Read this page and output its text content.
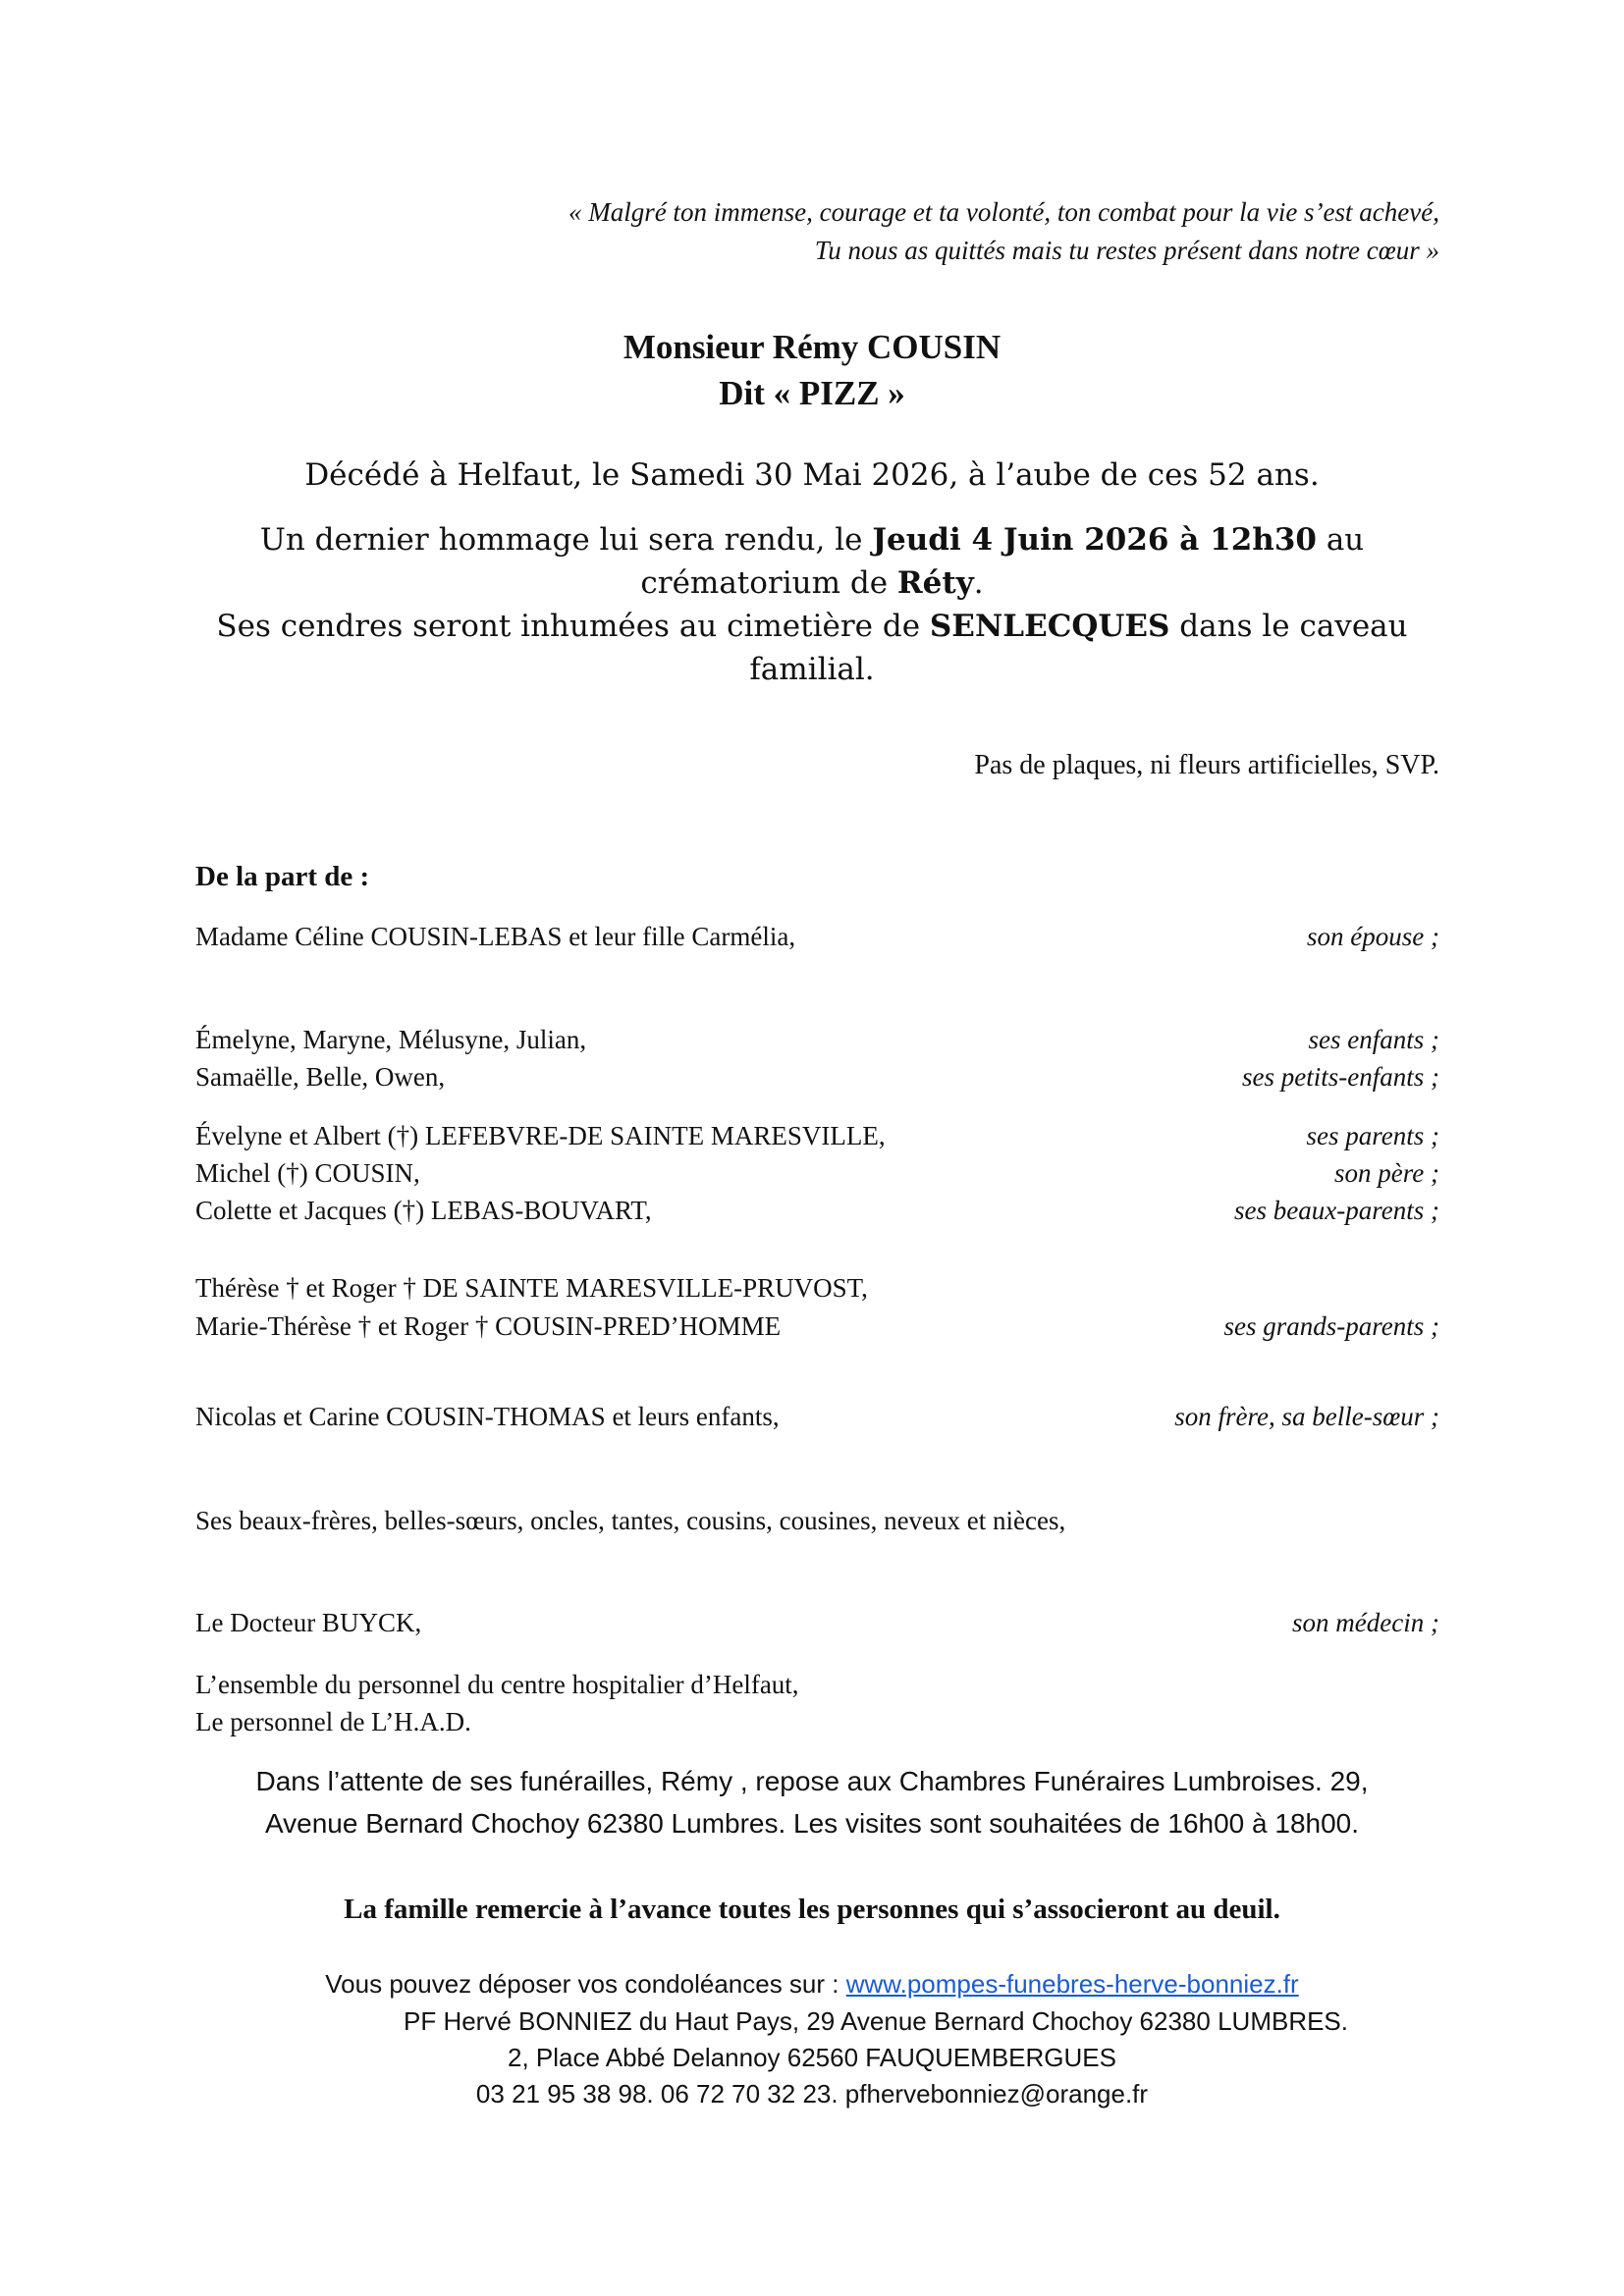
« Malgré ton immense, courage et ta volonté, ton combat pour la vie s’est achevé,
Tu nous as quittés mais tu restes présent dans notre cœur »
Monsieur Rémy COUSIN
Dit « PIZZ »
Décédé à Helfaut, le Samedi 30 Mai 2026, à l’aube de ces 52 ans.
Un dernier hommage lui sera rendu, le Jeudi 4 Juin 2026 à 12h30 au crématorium de Réty.
Ses cendres seront inhumées au cimetière de SENLECQUES dans le caveau familial.
Pas de plaques, ni fleurs artificielles, SVP.
De la part de :
Madame Céline COUSIN-LEBAS et leur fille Carmélia,	son épouse ;
Émelyne, Maryne, Mélusyne, Julian,	ses enfants ;
Samaëlle, Belle, Owen,	ses petits-enfants ;
Évelyne et Albert (†) LEFEBVRE-DE SAINTE MARESVILLE,	ses parents ;
Michel (†) COUSIN,	son père ;
Colette et Jacques (†) LEBAS-BOUVART,	ses beaux-parents ;
Thérèse † et Roger † DE SAINTE MARESVILLE-PRUVOST,
Marie-Thérèse † et Roger † COUSIN-PRED’HOMME	ses grands-parents ;
Nicolas et Carine COUSIN-THOMAS et leurs enfants,	son frère, sa belle-sœur ;
Ses beaux-frères, belles-sœurs, oncles, tantes, cousins, cousines, neveux et nièces,
Le Docteur BUYCK,	son médecin ;
L’ensemble du personnel du centre hospitalier d’Helfaut,
Le personnel de L’H.A.D.
Dans l’attente de ses funérailles, Rémy , repose aux Chambres Funéraires Lumbroises. 29,
Avenue Bernard Chochoy 62380 Lumbres. Les visites sont souhaitées de 16h00 à 18h00.
La famille remercie à l’avance toutes les personnes qui s’associeront au deuil.
Vous pouvez déposer vos condoléances sur : www.pompes-funebres-herve-bonniez.fr
PF Hervé BONNIEZ du Haut Pays, 29 Avenue Bernard Chochoy 62380 LUMBRES.
2, Place Abbé Delannoy 62560 FAUQUEMBERGUES
03 21 95 38 98. 06 72 70 32 23. pfhervebonniez@orange.fr
